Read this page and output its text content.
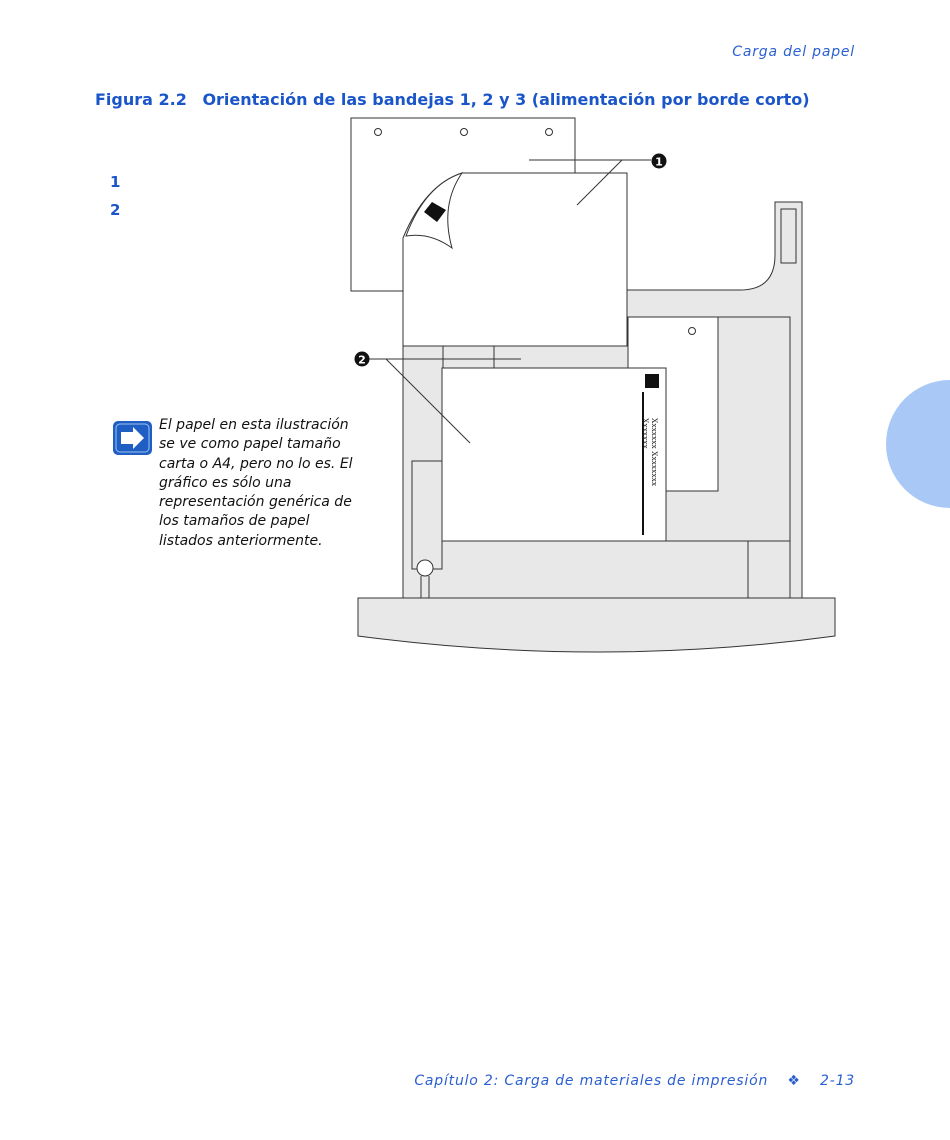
Carga del papel
Figura 2.2 Orientación de las bandejas 1, 2 y 3 (alimentación por borde corto)
1
2
Xxxxxxx Xxxxxxxx
Xxxxxxx
1
2
El papel en esta ilustración se ve como papel tamaño carta o A4, pero no lo es. El gráfico es sólo una representación genérica de los tamaños de papel listados anteriormente.
Capítulo 2: Carga de materiales de impresión ❖ 2-13
